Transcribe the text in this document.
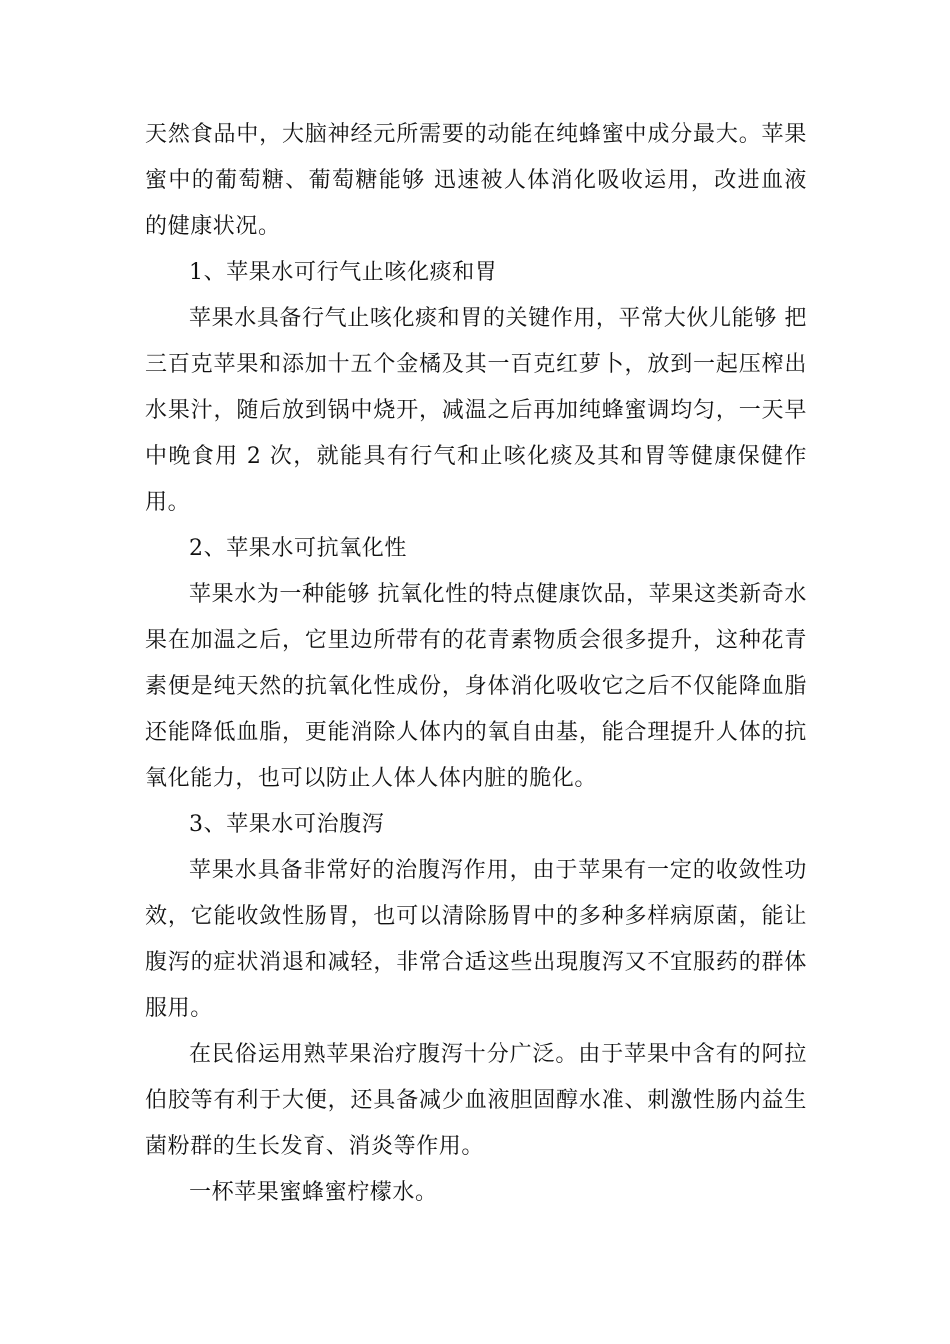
天然食品中，大脑神经元所需要的动能在纯蜂蜜中成分最大。苹果蜜中的葡萄糖、葡萄糖能够 迅速被人体消化吸收运用，改进血液的健康状况。

1、苹果水可行气止咳化痰和胃

苹果水具备行气止咳化痰和胃的关键作用，平常大伙儿能够 把三百克苹果和添加十五个金橘及其一百克红萝卜，放到一起压榨出水果汁，随后放到锅中烧开，减温之后再加纯蜂蜜调均匀，一天早中晚食用 2 次，就能具有行气和止咳化痰及其和胃等健康保健作用。

2、苹果水可抗氧化性

苹果水为一种能够 抗氧化性的特点健康饮品，苹果这类新奇水果在加温之后，它里边所带有的花青素物质会很多提升，这种花青素便是纯天然的抗氧化性成份，身体消化吸收它之后不仅能降血脂还能降低血脂，更能消除人体内的氧自由基，能合理提升人体的抗氧化能力，也可以防止人体人体内脏的脆化。

3、苹果水可治腹泻

苹果水具备非常好的治腹泻作用，由于苹果有一定的收敛性功效，它能收敛性肠胃，也可以清除肠胃中的多种多样病原菌，能让腹泻的症状消退和减轻，非常合适这些出現腹泻又不宜服药的群体服用。

在民俗运用熟苹果治疗腹泻十分广泛。由于苹果中含有的阿拉伯胶等有利于大便，还具备减少血液胆固醇水准、刺激性肠内益生菌粉群的生长发育、消炎等作用。

一杯苹果蜜蜂蜜柠檬水。
